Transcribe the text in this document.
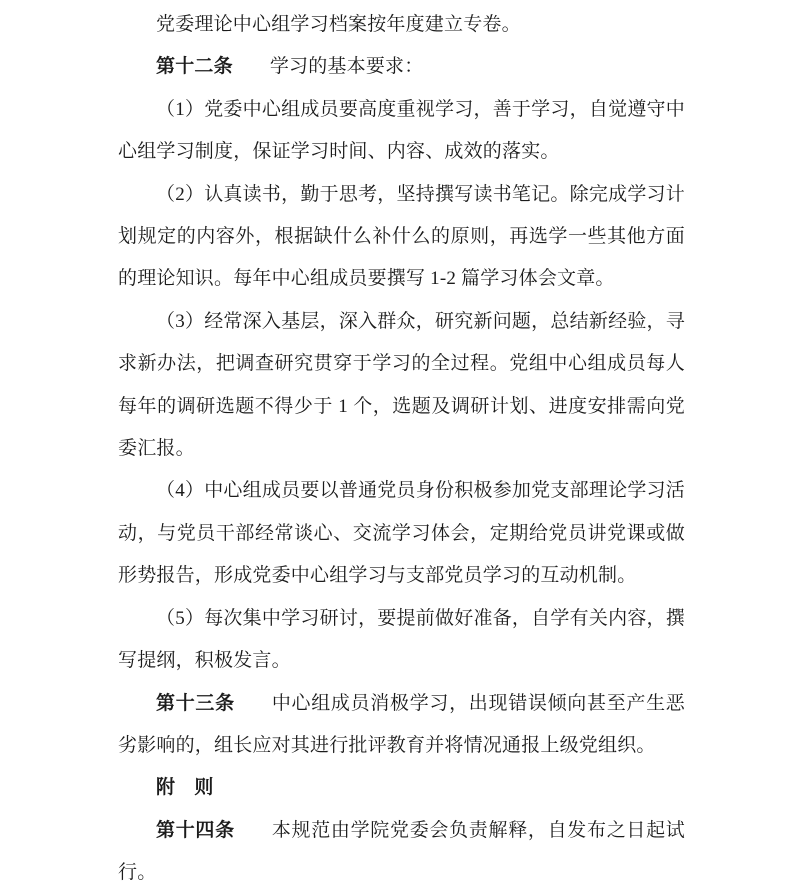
党委理论中心组学习档案按年度建立专卷。

第十二条 学习的基本要求：

（1）党委中心组成员要高度重视学习，善于学习，自觉遵守中心组学习制度，保证学习时间、内容、成效的落实。

（2）认真读书，勤于思考，坚持撰写读书笔记。除完成学习计划规定的内容外，根据缺什么补什么的原则，再选学一些其他方面的理论知识。每年中心组成员要撰写 1-2 篇学习体会文章。

（3）经常深入基层，深入群众，研究新问题，总结新经验，寻求新办法，把调查研究贯穿于学习的全过程。党组中心组成员每人每年的调研选题不得少于 1 个，选题及调研计划、进度安排需向党委汇报。

（4）中心组成员要以普通党员身份积极参加党支部理论学习活动，与党员干部经常谈心、交流学习体会，定期给党员讲党课或做形势报告，形成党委中心组学习与支部党员学习的互动机制。

（5）每次集中学习研讨，要提前做好准备，自学有关内容，撰写提纲，积极发言。

第十三条 中心组成员消极学习，出现错误倾向甚至产生恶劣影响的，组长应对其进行批评教育并将情况通报上级党组织。

附　则

第十四条 本规范由学院党委会负责解释，自发布之日起试行。
